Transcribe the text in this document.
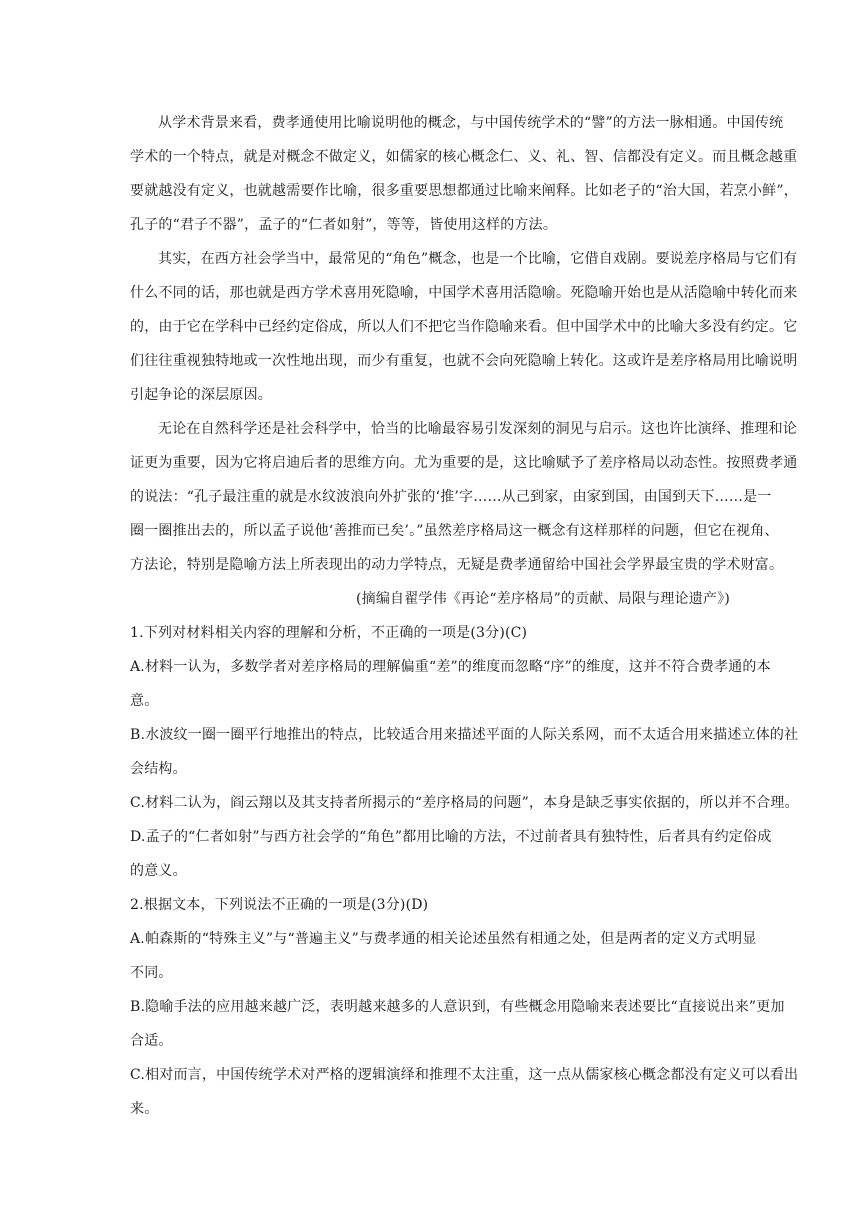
从学术背景来看，费孝通使用比喻说明他的概念，与中国传统学术的“譬”的方法一脉相通。中国传统
学术的一个特点，就是对概念不做定义，如儒家的核心概念仁、义、礼、智、信都没有定义。而且概念越重
要就越没有定义，也就越需要作比喻，很多重要思想都通过比喻来阐释。比如老子的“治大国，若烹小鲜”，
孔子的“君子不器”，孟子的“仁者如射”，等等，皆使用这样的方法。
其实，在西方社会学当中，最常见的“角色”概念，也是一个比喻，它借自戏剧。要说差序格局与它们有
什么不同的话，那也就是西方学术喜用死隐喻，中国学术喜用活隐喻。死隐喻开始也是从活隐喻中转化而来
的，由于它在学科中已经约定俗成，所以人们不把它当作隐喻来看。但中国学术中的比喻大多没有约定。它
们往往重视独特地或一次性地出现，而少有重复，也就不会向死隐喻上转化。这或许是差序格局用比喻说明
引起争论的深层原因。
无论在自然科学还是社会科学中，恰当的比喻最容易引发深刻的洞见与启示。这也许比演绎、推理和论
证更为重要，因为它将启迪后者的思维方向。尤为重要的是，这比喻赋予了差序格局以动态性。按照费孝通
的说法：“孔子最注重的就是水纹波浪向外扩张的‘推’字……从己到家，由家到国，由国到天下……是一
圈一圈推出去的，所以孟子说他‘善推而已矣’。”虽然差序格局这一概念有这样那样的问题，但它在视角、
方法论，特别是隐喻方法上所表现出的动力学特点，无疑是费孝通留给中国社会学界最宝贵的学术财富。
(摘编自翟学伟《再论“差序格局”的贡献、局限与理论遗产》)
1.下列对材料相关内容的理解和分析，不正确的一项是(3分)(C)
A.材料一认为，多数学者对差序格局的理解偏重“差”的维度而忽略“序”的维度，这并不符合费孝通的本
意。
B.水波纹一圈一圈平行地推出的特点，比较适合用来描述平面的人际关系网，而不太适合用来描述立体的社
会结构。
C.材料二认为，阎云翔以及其支持者所揭示的“差序格局的问题”，本身是缺乏事实依据的，所以并不合理。
D.孟子的“仁者如射”与西方社会学的“角色”都用比喻的方法，不过前者具有独特性，后者具有约定俗成
的意义。
2.根据文本，下列说法不正确的一项是(3分)(D)
A.帕森斯的“特殊主义”与“普遍主义”与费孝通的相关论述虽然有相通之处，但是两者的定义方式明显
不同。
B.隐喻手法的应用越来越广泛，表明越来越多的人意识到，有些概念用隐喻来表述要比“直接说出来”更加
合适。
C.相对而言，中国传统学术对严格的逻辑演绎和推理不太注重，这一点从儒家核心概念都没有定义可以看出
来。
